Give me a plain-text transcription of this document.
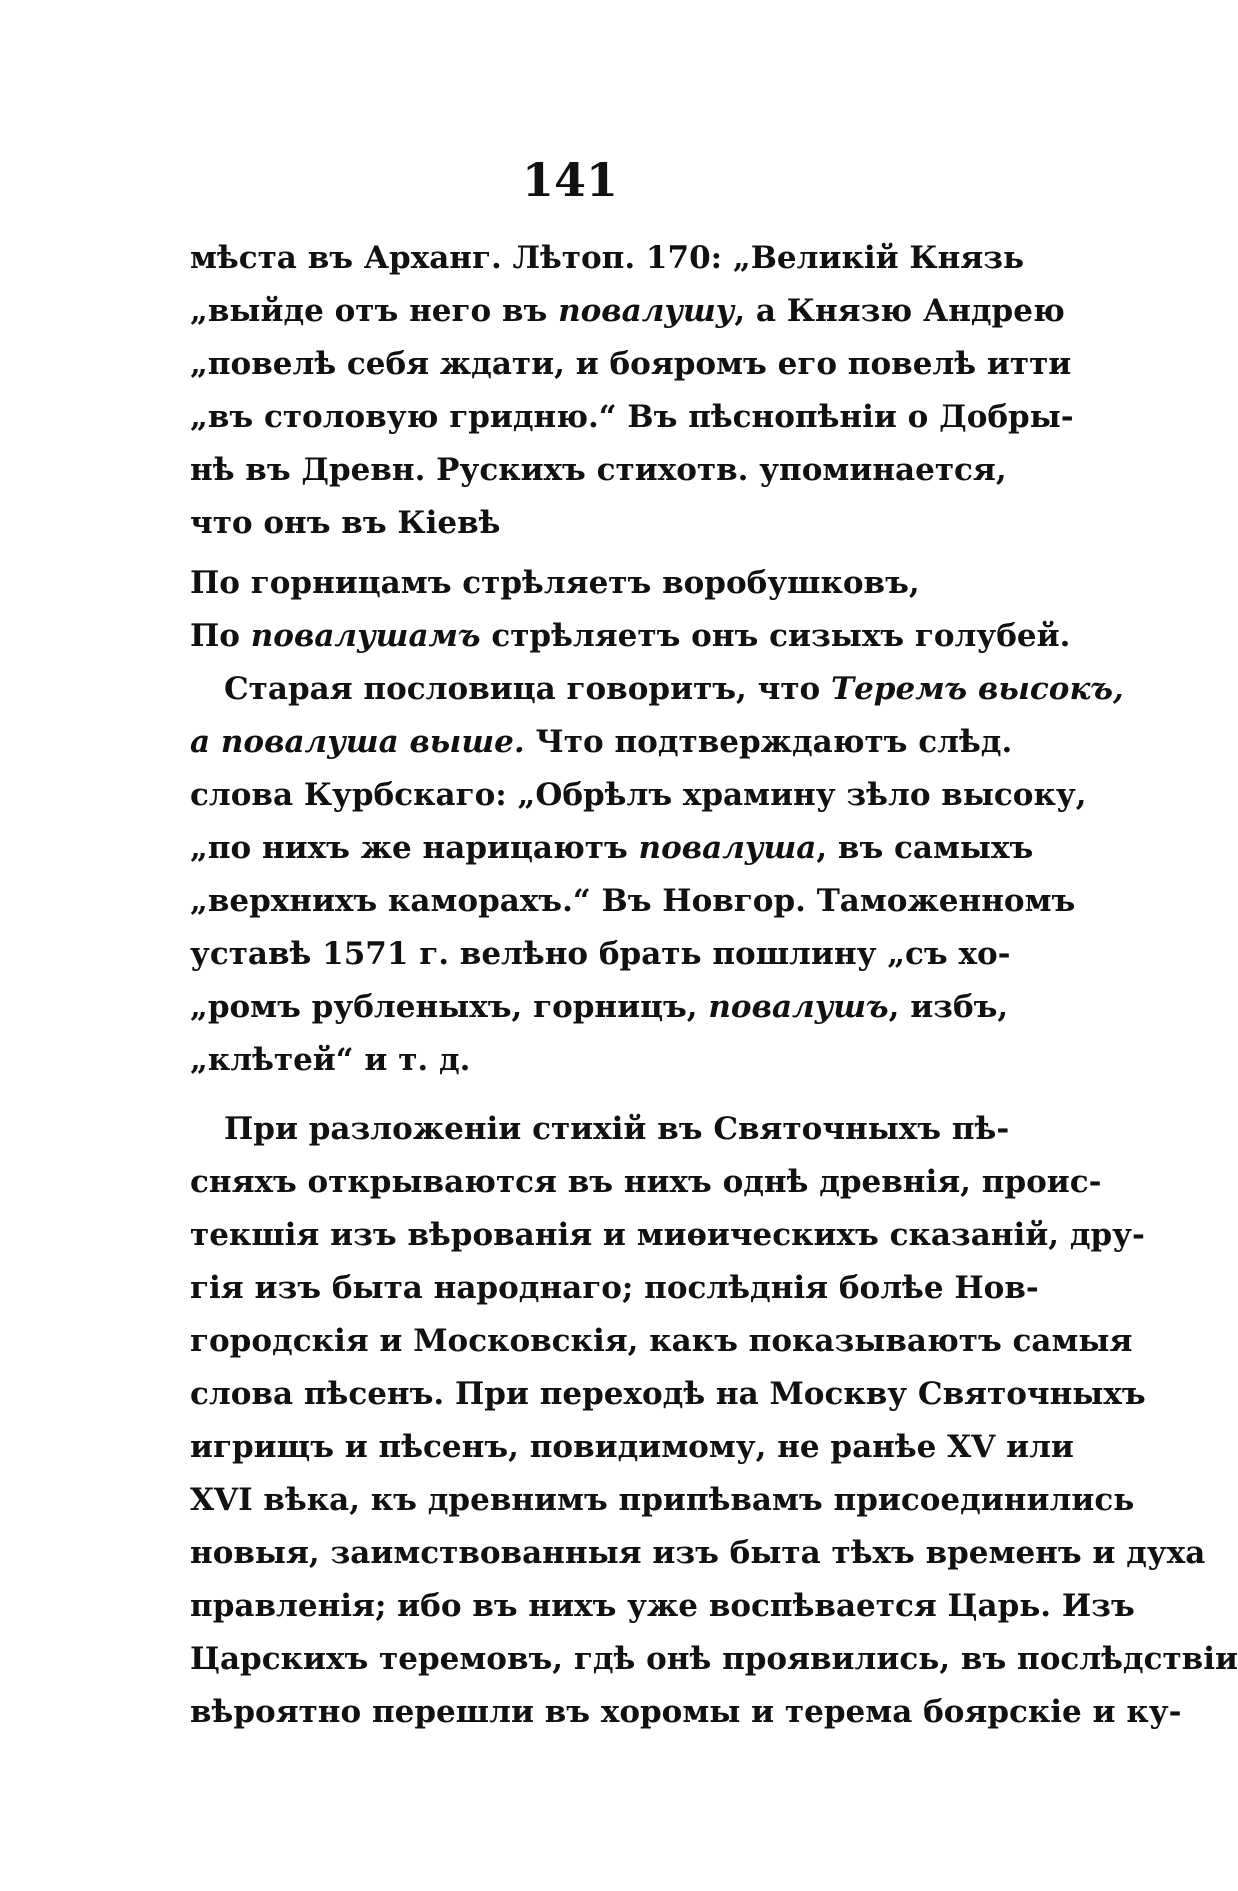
141
мѣста въ Арханг. Лѣтоп. 170: „Великій Князь
„выйде отъ него въ повалушу, а Князю Андрею
„повелѣ себя ждати, и бояромъ его повелѣ итти
„въ столовую гридню.“ Въ пѣснопѣніи о Добры-
нѣ въ Древн. Рускихъ стихотв. упоминается,
что онъ въ Кіевѣ
По горницамъ стрѣляетъ воробушковъ,
По повалушамъ стрѣляетъ онъ сизыхъ голубей.
Старая пословица говоритъ, что Теремъ высокъ,
а повалуша выше. Что подтверждаютъ слѣд.
слова Курбскаго: „Обрѣлъ храмину зѣло высоку,
„по нихъ же нарицаютъ повалуша, въ самыхъ
„верхнихъ каморахъ.“ Въ Новгор. Таможенномъ
уставѣ 1571 г. велѣно брать пошлину „съ хо-
„ромъ рубленыхъ, горницъ, повалушъ, избъ,
„клѣтей“ и т. д.
При разложеніи стихій въ Святочныхъ пѣ-
сняхъ открываются въ нихъ однѣ древнія, проис-
текшія изъ вѣрованія и миѳическихъ сказаній, дру-
гія изъ быта народнаго; послѣднія болѣе Нов-
городскія и Московскія, какъ показываютъ самыя
слова пѣсенъ. При переходѣ на Москву Святочныхъ
игрищъ и пѣсенъ, повидимому, не ранѣе XV или
XVI вѣка, къ древнимъ припѣвамъ присоединились
новыя, заимствованныя изъ быта тѣхъ временъ и духа
правленія; ибо въ нихъ уже воспѣвается Царь. Изъ
Царскихъ теремовъ, гдѣ онѣ проявились, въ послѣдствіи
вѣроятно перешли въ хоромы и терема боярскіе и ку-
